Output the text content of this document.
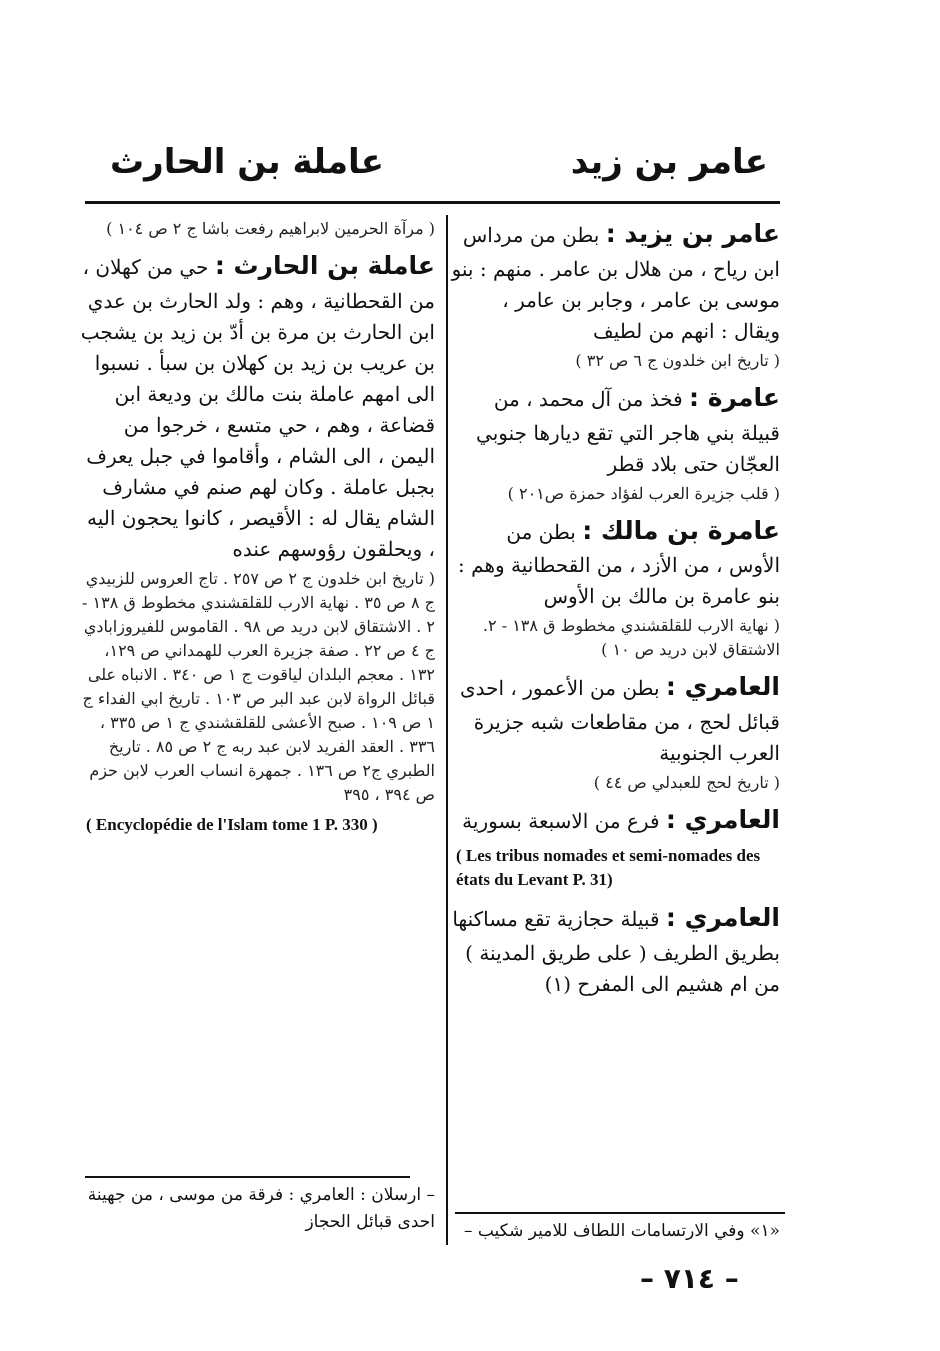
عامر بن زيد
عاملة بن الحارث

عامر بن يزيد : بطن من مرداس ابن رياح ، من هلال بن عامر . منهم : بنو موسى بن عامر ، وجابر بن عامر ، ويقال : انهم من لطيف

( تاريخ ابن خلدون ج ٦ ص ٣٢ )

عامرة : فخذ من آل محمد ، من قبيلة بني هاجر التي تقع ديارها جنوبي العجّان حتى بلاد قطر

( قلب جزيرة العرب لفؤاد حمزة ص٢٠١ )

عامرة بن مالك : بطن من الأوس ، من الأزد ، من القحطانية وهم : بنو عامرة بن مالك بن الأوس

( نهاية الارب للقلقشندي مخطوط ق ١٣٨ - ٢. الاشتقاق لابن دريد ص ١٠ )

العامري : بطن من الأعمور ، احدى قبائل لحج ، من مقاطعات شبه جزيرة العرب الجنوبية

( تاريخ لحج للعبدلي ص ٤٤ )

العامري : فرع من الاسبعة بسورية

( Les tribus nomades et semi-nomades des états du Levant P. 31)

العامري : قبيلة حجازية تقع مساكنها بطريق الطريف ( على طريق المدينة ) من ام هشيم الى المفرح (١)

( مرآة الحرمين لابراهيم رفعت باشا ج ٢ ص ١٠٤ )

عاملة بن الحارث : حي من كهلان ، من القحطانية ، وهم : ولد الحارث بن عدي ابن الحارث بن مرة بن أدّ بن زيد بن يشجب بن عريب بن زيد بن كهلان بن سبأ . نسبوا الى امهم عاملة بنت مالك بن وديعة ابن قضاعة ، وهم ، حي متسع ، خرجوا من اليمن ، الى الشام ، وأقاموا في جبل يعرف بجبل عاملة . وكان لهم صنم في مشارف الشام يقال له : الأقيصر ، كانوا يحجون اليه ، ويحلقون رؤوسهم عنده

( تاريخ ابن خلدون ج ٢ ص ٢٥٧ . تاج العروس للزبيدي ج ٨ ص ٣٥ . نهاية الارب للقلقشندي مخطوط ق ١٣٨ - ٢ . الاشتقاق لابن دريد ص ٩٨ . القاموس للفيروزابادي ج ٤ ص ٢٢ . صفة جزيرة العرب للهمداني ص ١٢٩، ١٣٢ . معجم البلدان لياقوت ج ١ ص ٣٤٠ . الانباه على قبائل الرواة لابن عبد البر ص ١٠٣ . تاريخ ابي الفداء ج ١ ص ١٠٩ . صبح الأعشى للقلقشندي ج ١ ص ٣٣٥ ، ٣٣٦ . العقد الفريد لابن عبد ربه ج ٢ ص ٨٥ . تاريخ الطبري ج٢ ص ١٣٦ . جمهرة انساب العرب لابن حزم ص ٣٩٤ ، ٣٩٥
( Encyclopédie de l'Islam tome 1 P. 330 )
«١» وفي الارتسامات اللطاف للامير شكيب –
– ارسلان : العامري : فرقة من موسى ، من جهينة احدى قبائل الحجاز
– ٧١٤ –
